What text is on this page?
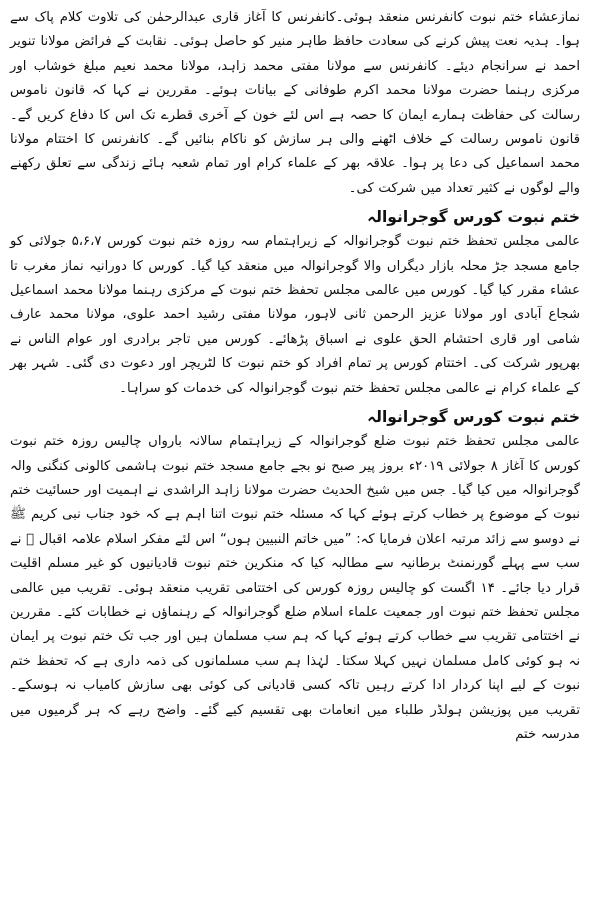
نمازعشاء ختم نبوت کانفرنس منعقد ہوئی۔کانفرنس کا آغاز قاری عبدالرحمٰن کی تلاوت کلام پاک سے ہوا۔ ہدیہ نعت پیش کرنے کی سعادت حافظ طاہر منیر کو حاصل ہوئی۔ نقابت کے فرائض مولانا تنویر احمد نے سرانجام دیئے۔ کانفرنس سے مولانا مفتی محمد زاہد، مولانا محمد نعیم مبلغ خوشاب اور مرکزی رہنما حضرت مولانا محمد اکرم طوفانی کے بیانات ہوئے۔ مقررین نے کہا کہ قانون ناموس رسالت کی حفاظت ہمارے ایمان کا حصہ ہے اس لئے خون کے آخری قطرے تک اس کا دفاع کریں گے۔ قانون ناموس رسالت کے خلاف اٹھنے والی ہر سازش کو ناکام بنائیں گے۔ کانفرنس کا اختتام مولانا محمد اسماعیل کی دعا پر ہوا۔ علاقہ بھر کے علماء کرام اور تمام شعبہ ہائے زندگی سے تعلق رکھنے والے لوگوں نے کثیر تعداد میں شرکت کی۔

ختم نبوت کورس گوجرانوالہ

عالمی مجلس تحفظ ختم نبوت گوجرانوالہ کے زیراہتمام سہ روزہ ختم نبوت کورس ۵،۶،۷ جولائی کو جامع مسجد جڑ محلہ بازار دیگراں والا گوجرانوالہ میں منعقد کیا گیا۔ کورس کا دورانیہ نماز مغرب تا عشاء مقرر کیا گیا۔ کورس میں عالمی مجلس تحفظ ختم نبوت کے مرکزی رہنما مولانا محمد اسماعیل شجاع آبادی اور مولانا عزیز الرحمن ثانی لاہور، مولانا مفتی رشید احمد علوی، مولانا محمد عارف شامی اور قاری احتشام الحق علوی نے اسباق پڑھائے۔ کورس میں تاجر برادری اور عوام الناس نے بھرپور شرکت کی۔ اختتام کورس پر تمام افراد کو ختم نبوت کا لٹریچر اور دعوت دی گئی۔ شہر بھر کے علماء کرام نے عالمی مجلس تحفظ ختم نبوت گوجرانوالہ کی خدمات کو سراہا۔

ختم نبوت کورس گوجرانوالہ

عالمی مجلس تحفظ ختم نبوت ضلع گوجرانوالہ کے زیراہتمام سالانہ بارواں چالیس روزہ ختم نبوت کورس کا آغاز ۸ جولائی ۲۰۱۹ء بروز پیر صبح نو بجے جامع مسجد ختم نبوت ہاشمی کالونی کنگنی والہ گوجرانوالہ میں کیا گیا۔ جس میں شیخ الحدیث حضرت مولانا زاہد الراشدی نے اہمیت اور حسائیت ختم نبوت کے موضوع پر خطاب کرتے ہوئے کہا کہ مسئلہ ختم نبوت اتنا اہم ہے کہ خود جناب نبی کریم ﷺ نے دوسو سے زائد مرتبہ اعلان فرمایا کہ: ”میں خاتم النبیین ہوں“ اس لئے مفکر اسلام علامہ اقبال ﷫ نے سب سے پہلے گورنمنٹ برطانیہ سے مطالبہ کیا کہ منکرین ختم نبوت قادیانیوں کو غیر مسلم اقلیت قرار دیا جائے۔ ۱۴ اگست کو چالیس روزہ کورس کی اختتامی تقریب منعقد ہوئی۔ تقریب میں عالمی مجلس تحفظ ختم نبوت اور جمعیت علماء اسلام ضلع گوجرانوالہ کے رہنماؤں نے خطابات کئے۔ مقررین نے اختتامی تقریب سے خطاب کرتے ہوئے کہا کہ ہم سب مسلمان ہیں اور جب تک ختم نبوت پر ایمان نہ ہو کوئی کامل مسلمان نہیں کہلا سکتا۔ لہٰذا ہم سب مسلمانوں کی ذمہ داری ہے کہ تحفظ ختم نبوت کے لیے اپنا کردار ادا کرتے رہیں تاکہ کسی قادیانی کی کوئی بھی سازش کامیاب نہ ہوسکے۔ تقریب میں پوزیشن ہولڈر طلباء میں انعامات بھی تقسیم کیے گئے۔ واضح رہے کہ ہر گرمیوں میں مدرسہ ختم
